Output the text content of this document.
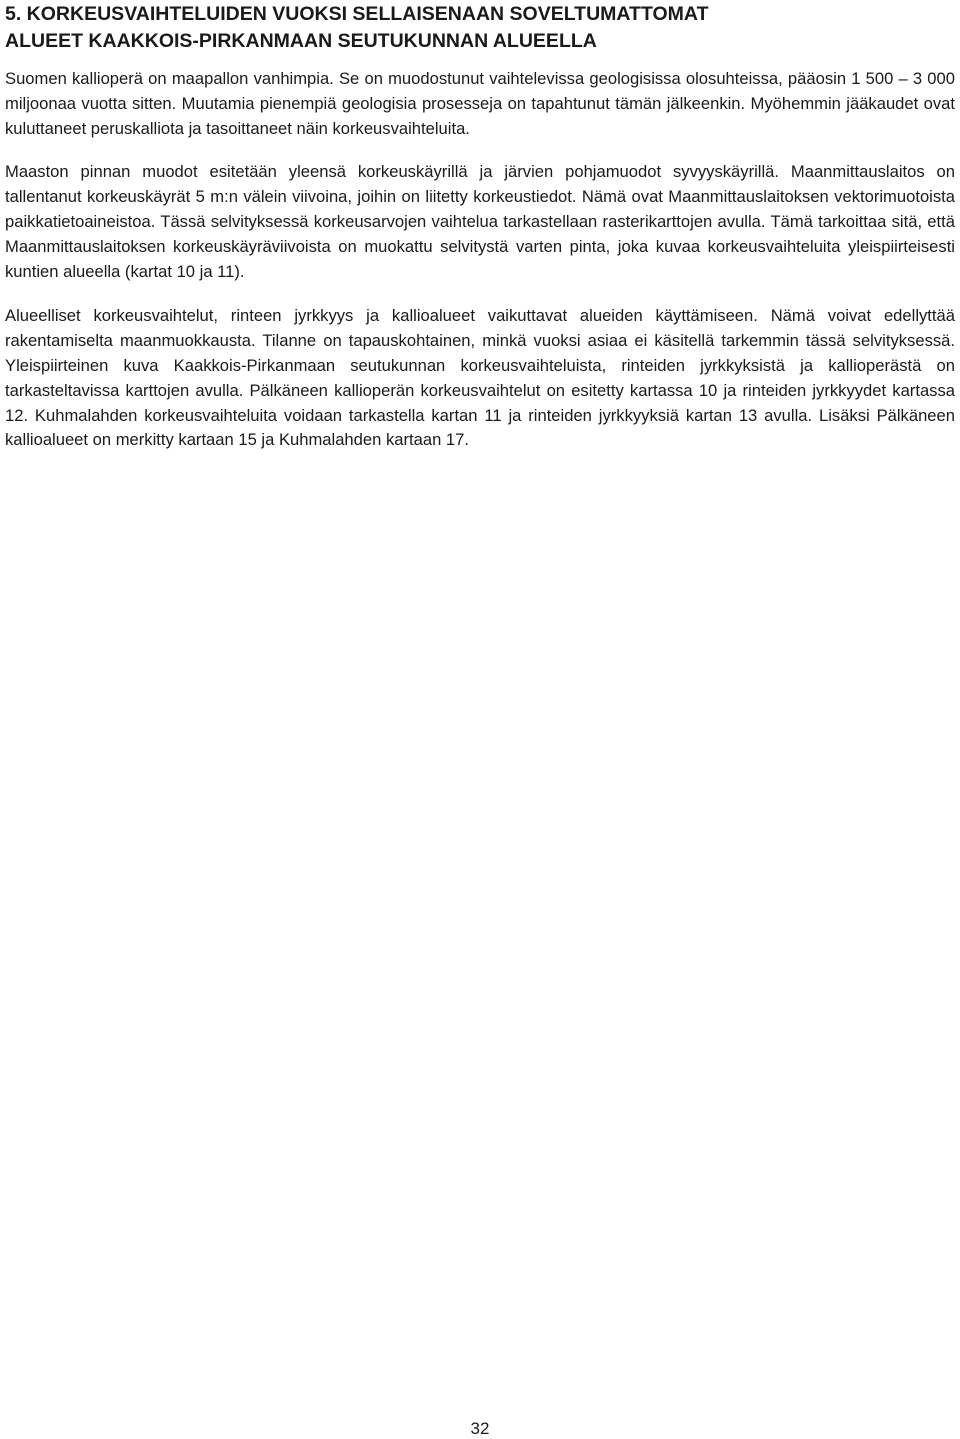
5. KORKEUSVAIHTELUIDEN VUOKSI SELLAISENAAN SOVELTUMATTOMAT
ALUEET KAAKKOIS-PIRKANMAAN SEUTUKUNNAN ALUEELLA

Suomen kallioperä on maapallon vanhimpia. Se on muodostunut vaihtelevissa geologisissa olosuhteissa, pääosin 1 500 – 3 000 miljoonaa vuotta sitten. Muutamia pienempiä geologisia prosesseja on tapahtunut tämän jälkeenkin. Myöhemmin jääkaudet ovat kuluttaneet peruskalliota ja tasoittaneet näin korkeusvaihteluita.

Maaston pinnan muodot esitetään yleensä korkeuskäyrillä ja järvien pohjamuodot syvyyskäyrillä. Maanmittauslaitos on tallentanut korkeuskäyrät 5 m:n välein viivoina, joihin on liitetty korkeustiedot. Nämä ovat Maanmittauslaitoksen vektorimuotoista paikkatietoaineistoa. Tässä selvityksessä korkeusarvojen vaihtelua tarkastellaan rasterikarttojen avulla. Tämä tarkoittaa sitä, että Maanmittauslaitoksen korkeuskäyräviivoista on muokattu selvitystä varten pinta, joka kuvaa korkeusvaihteluita yleispiirteisesti kuntien alueella (kartat 10 ja 11).

Alueelliset korkeusvaihtelut, rinteen jyrkkyys ja kallioalueet vaikuttavat alueiden käyttämiseen. Nämä voivat edellyttää rakentamiselta maanmuokkausta. Tilanne on tapauskohtainen, minkä vuoksi asiaa ei käsitellä tarkemmin tässä selvityksessä. Yleispiirteinen kuva Kaakkois-Pirkanmaan seutukunnan korkeusvaihteluista, rinteiden jyrkkyksistä ja kallioperästä on tarkasteltavissa karttojen avulla. Pälkäneen kallioperän korkeusvaihtelut on esitetty kartassa 10 ja rinteiden jyrkkyydet kartassa 12. Kuhmalahden korkeusvaihteluita voidaan tarkastella kartan 11 ja rinteiden jyrkkyyksiä kartan 13 avulla. Lisäksi Pälkäneen kallioalueet on merkitty kartaan 15 ja Kuhmalahden kartaan 17.

32
